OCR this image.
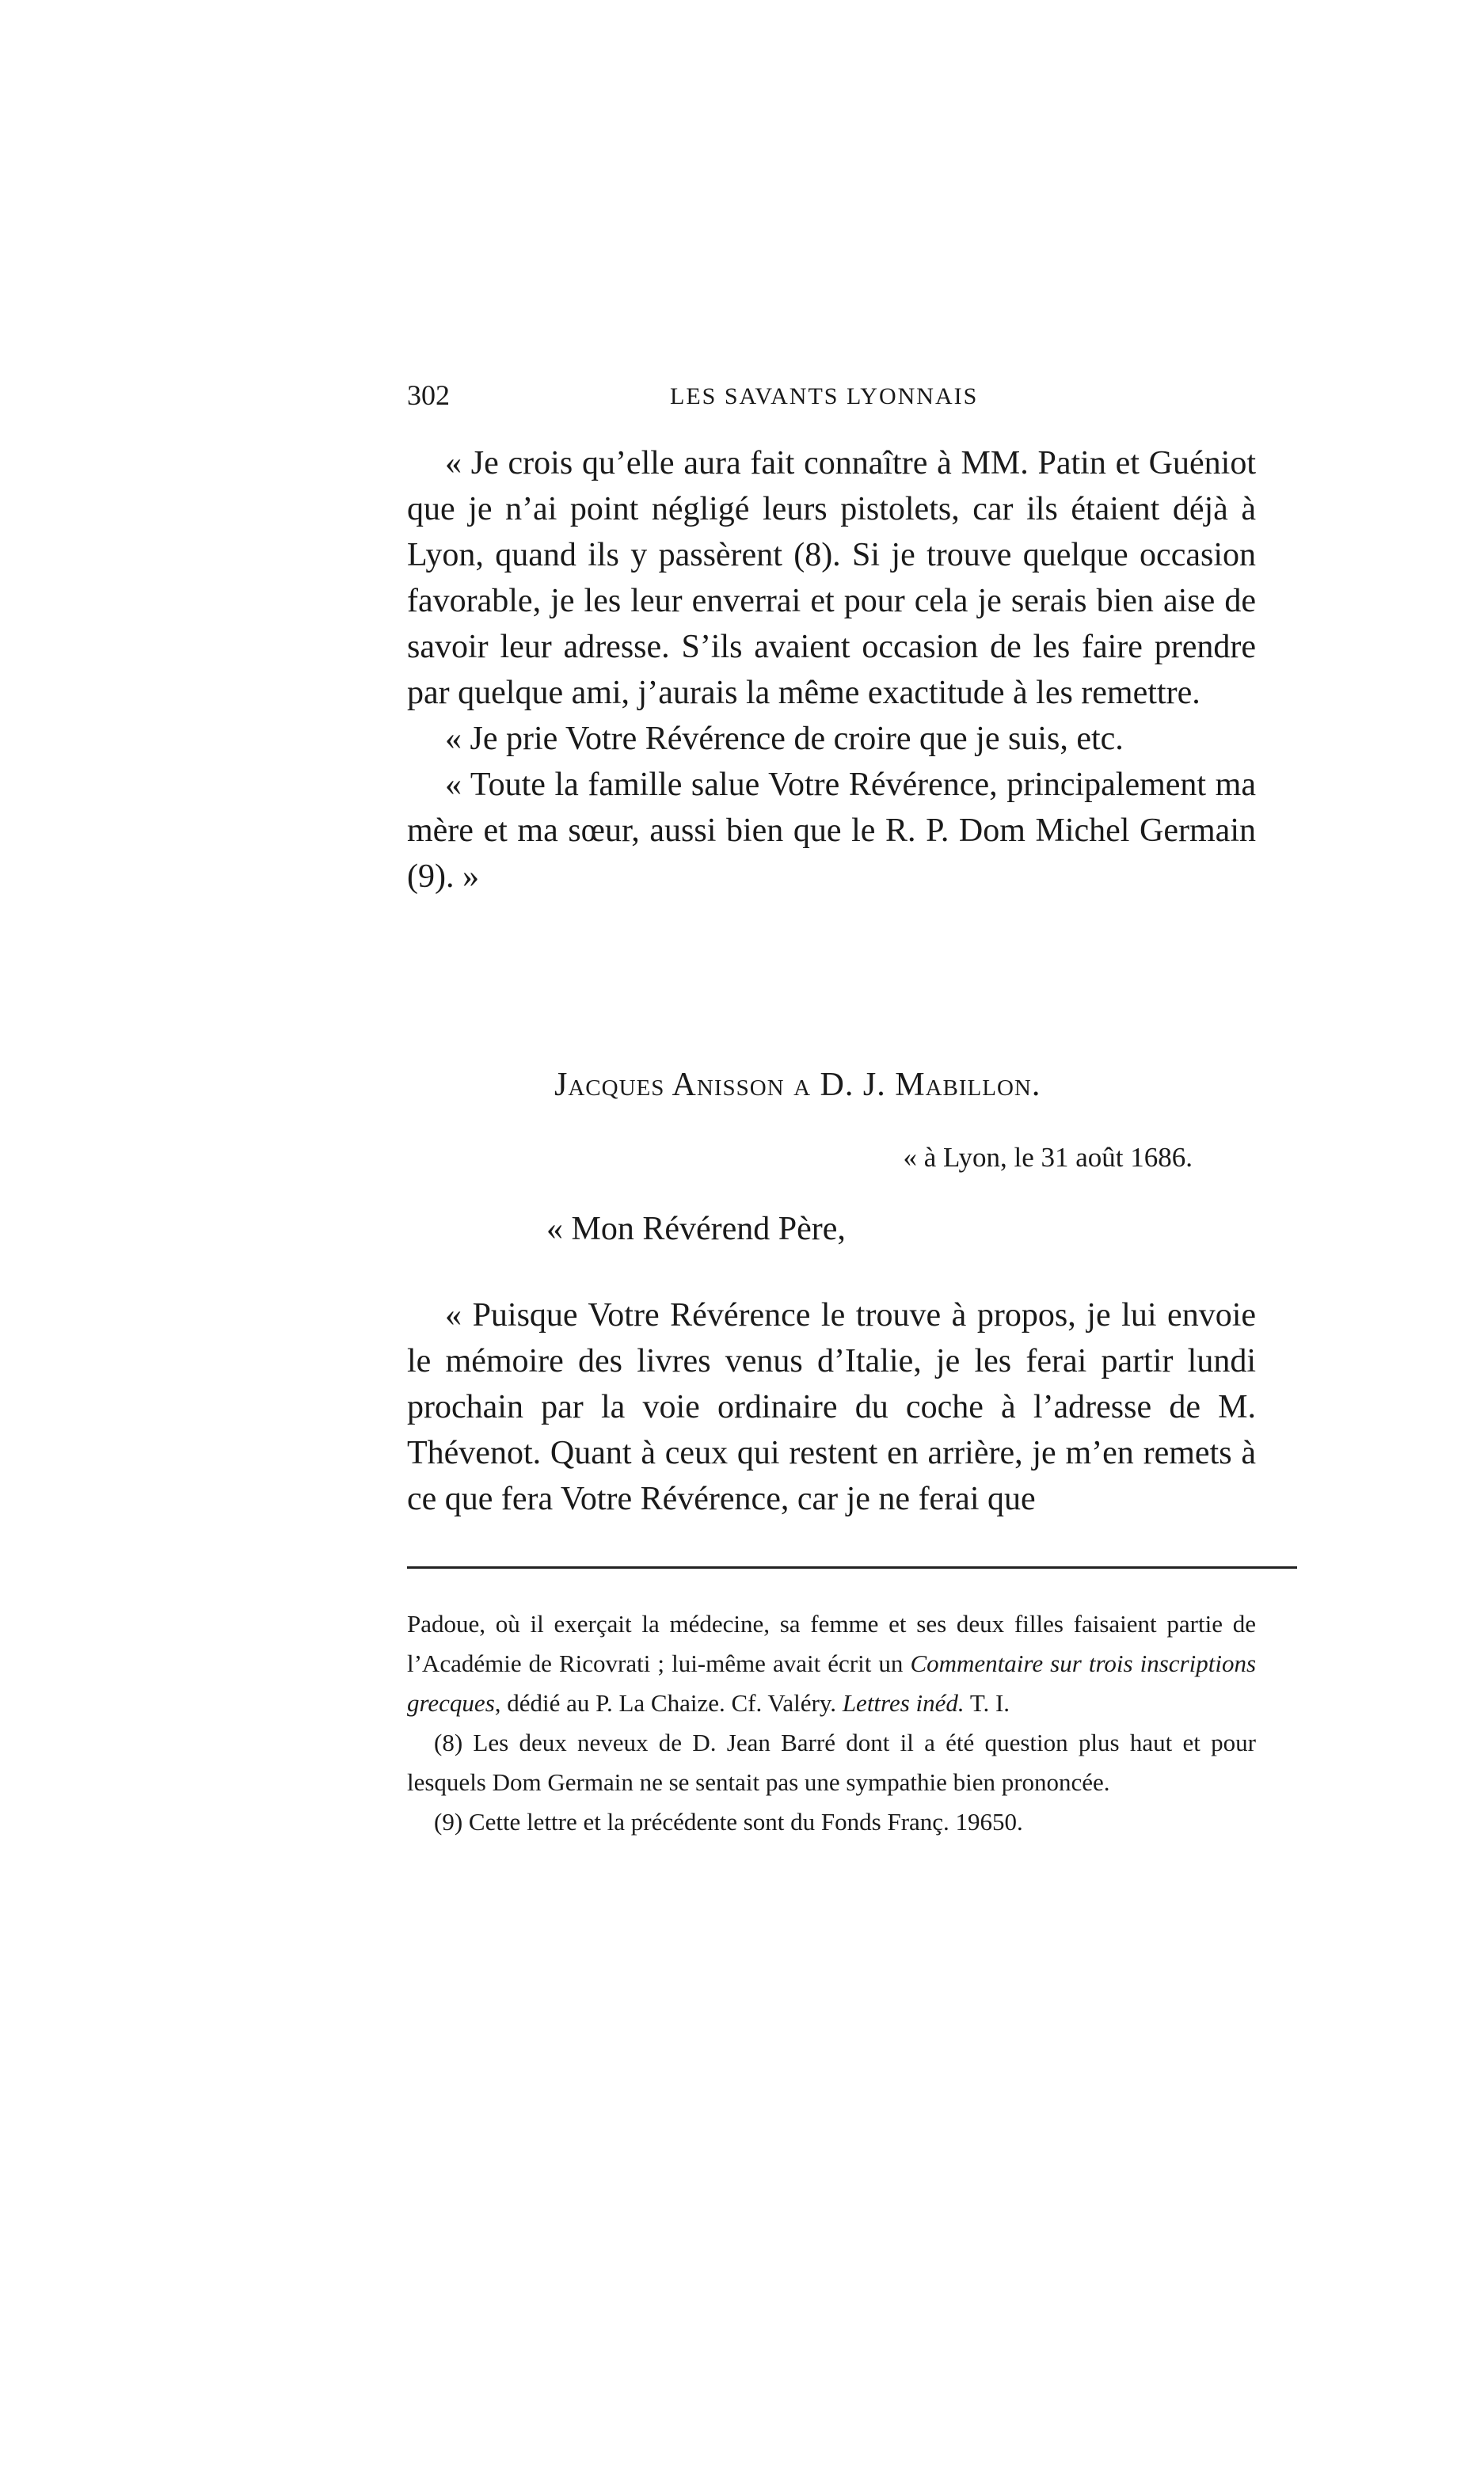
302	LES SAVANTS LYONNAIS

« Je crois qu’elle aura fait connaître à MM. Patin et Guéniot que je n’ai point négligé leurs pistolets, car ils étaient déjà à Lyon, quand ils y passèrent (8). Si je trouve quelque occasion favorable, je les leur enverrai et pour cela je serais bien aise de savoir leur adresse. S’ils avaient occasion de les faire prendre par quelque ami, j’aurais la même exactitude à les remettre.

« Je prie Votre Révérence de croire que je suis, etc.

« Toute la famille salue Votre Révérence, principalement ma mère et ma sœur, aussi bien que le R. P. Dom Michel Germain (9). »

Jacques Anisson a D. J. Mabillon.
« à Lyon, le 31 août 1686.
« Mon Révérend Père,

« Puisque Votre Révérence le trouve à propos, je lui envoie le mémoire des livres venus d’Italie, je les ferai partir lundi prochain par la voie ordinaire du coche à l’adresse de M. Thévenot. Quant à ceux qui restent en arrière, je m’en remets à ce que fera Votre Révérence, car je ne ferai que

Padoue, où il exerçait la médecine, sa femme et ses deux filles faisaient partie de l’Académie de Ricovrati ; lui-même avait écrit un Commentaire sur trois inscriptions grecques, dédié au P. La Chaize. Cf. Valéry. Lettres inéd. T. I.

(8) Les deux neveux de D. Jean Barré dont il a été question plus haut et pour lesquels Dom Germain ne se sentait pas une sympathie bien prononcée.

(9) Cette lettre et la précédente sont du Fonds Franç. 19650.
